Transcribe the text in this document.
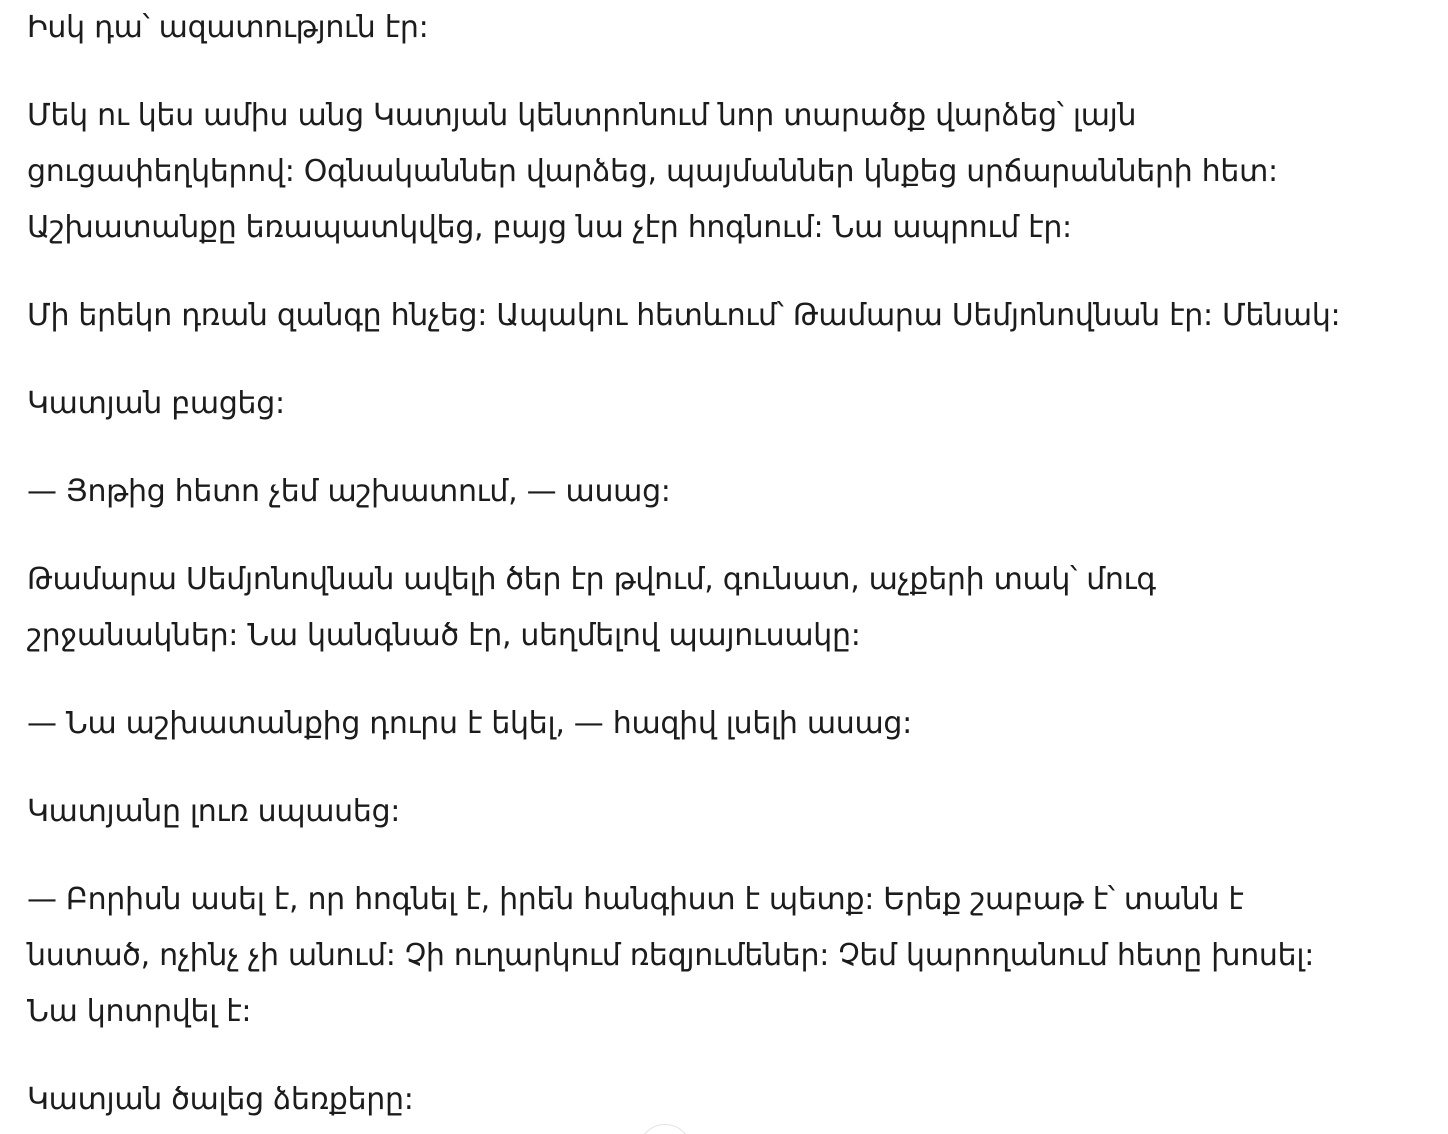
Իսկ դա՝ ազատություն էր:

Մեկ ու կես ամիս անց Կատյան կենտրոնում նոր տարածք վարձեց՝ լայն
ցուցափեղկերով: Օգնականներ վարձեց, պայմաններ կնքեց սրճարանների հետ:
Աշխատանքը եռապատկվեց, բայց նա չէր հոգնում: Նա ապրում էր:

Մի երեկո դռան զանգը հնչեց: Ապակու հետևում՝ Թամարա Սեմյոնովնան էր: Մենակ:

Կատյան բացեց:

— Յոթից հետո չեմ աշխատում, — ասաց:

Թամարա Սեմյոնովնան ավելի ծեր էր թվում, գունատ, աչքերի տակ՝ մուգ
շրջանակներ: Նա կանգնած էր, սեղմելով պայուսակը:

— Նա աշխատանքից դուրս է եկել, — հազիվ լսելի ասաց:

Կատյանը լուռ սպասեց:

— Բորիսն ասել է, որ հոգնել է, իրեն հանգիստ է պետք: Երեք շաբաթ է՝ տանն է
նստած, ոչինչ չի անում: Չի ուղարկում ռեզյումեներ: Չեմ կարողանում հետը խոսել:
Նա կոտրվել է:

Կատյան ծալեց ձեռքերը:
